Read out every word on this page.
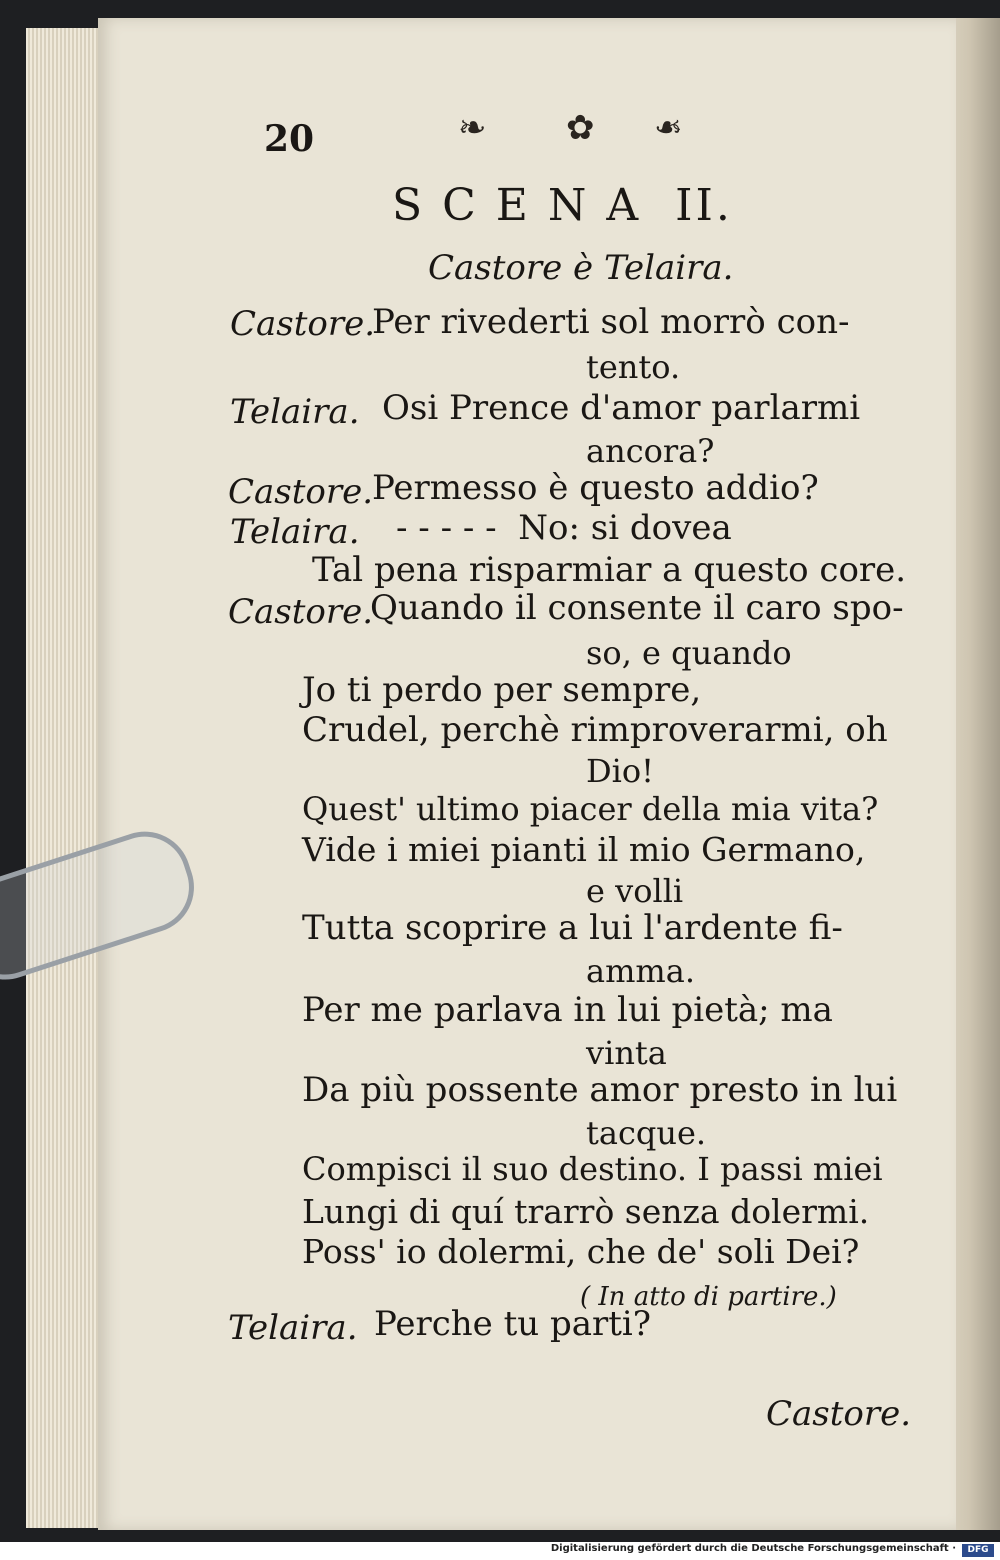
20	❧ ✿ ❧
S C E N A  II.
Castore è Telaira.
Castore.
Per rivederti sol morrò con-
tento.
Telaira. Osi Prence d'amor parlarmi
ancora?
Castore.
Permesso è questo addio?
Telaira. - - - - -  No: si dovea
Tal pena risparmiar a questo core.
Castore.
Quando il consente il caro spo-
so, e quando
Jo ti perdo per sempre,
Crudel, perchè rimproverarmi, oh
Dio!
Quest' ultimo piacer della mia vita?
Vide i miei pianti il mio Germano,
e volli
Tutta scoprire a lui l'ardente fi-
amma.
Per me parlava in lui pietà; ma
vinta
Da più possente amor presto in lui
tacque.
Compisci il suo destino. I passi miei
Lungi di quí trarrò senza dolermi.
Poss' io dolermi, che de' soli Dei?
( In atto di partire.)
Telaira. Perche tu parti?
Castore.
Digitalisierung gefördert durch die Deutsche Forschungsgemeinschaft ·	DFG
